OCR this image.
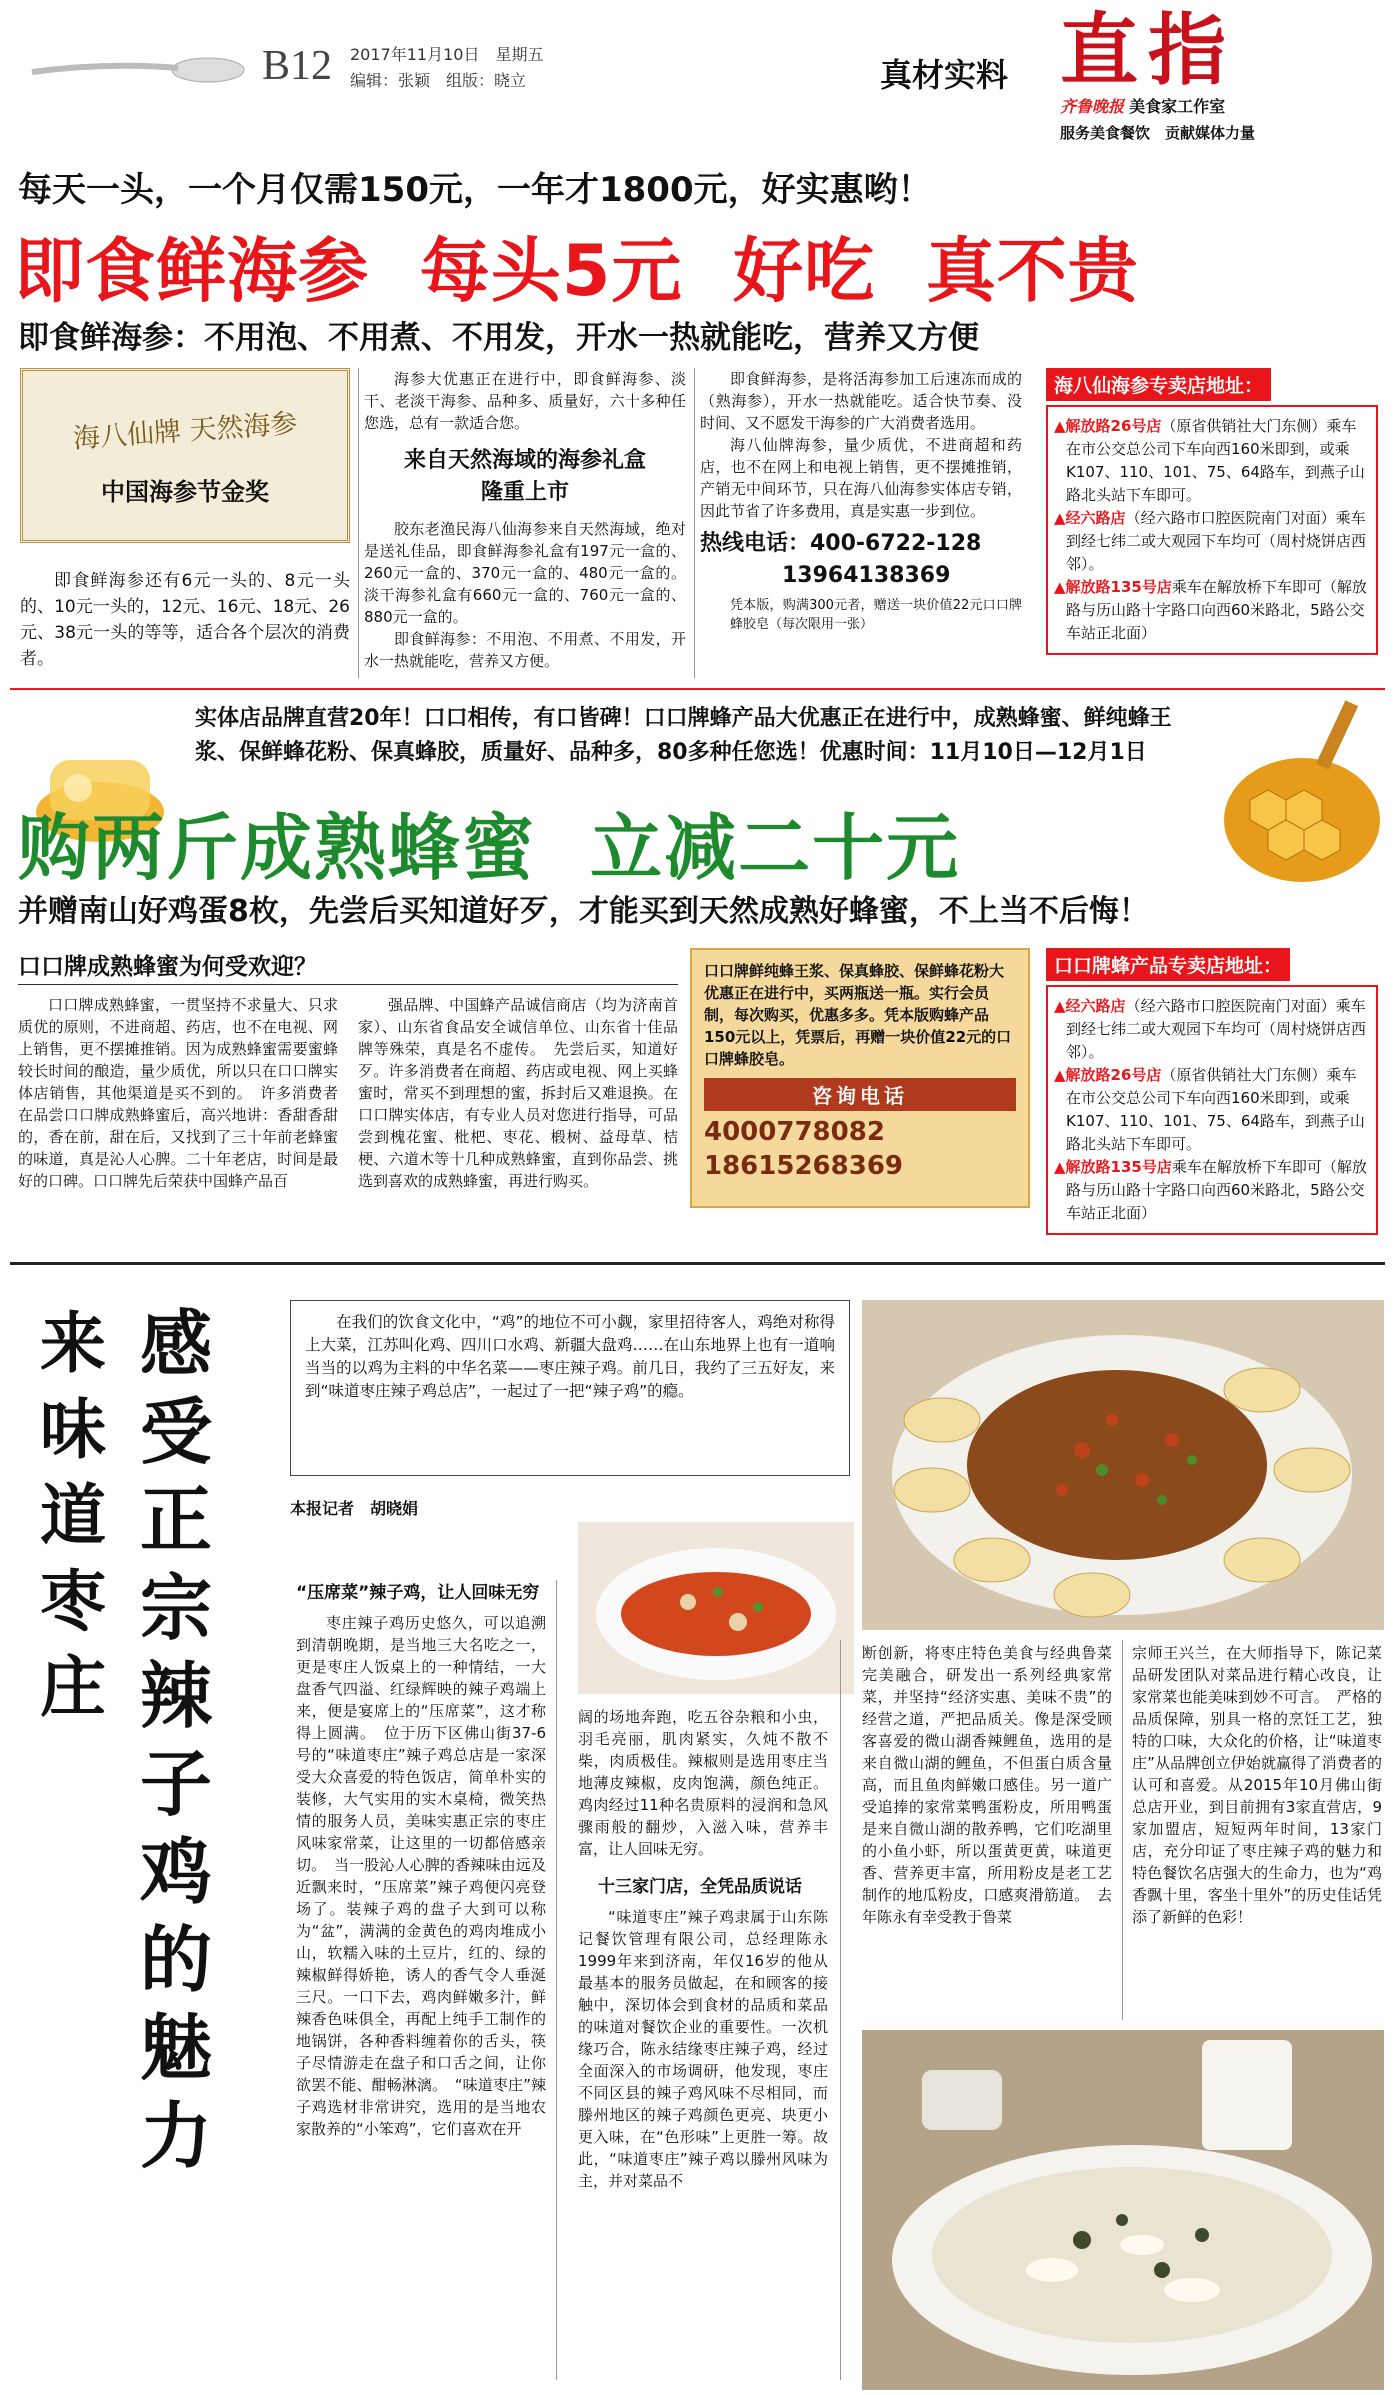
B12 2017年11月10日　星期五
编辑：张颖　组版：晓立	真材实料 直指
齐鲁晚报 美食家工作室
服务美食餐饮　贡献媒体力量
每天一头，一个月仅需150元，一年才1800元，好实惠哟！
即食鲜海参  每头5元  好吃  真不贵
即食鲜海参：不用泡、不用煮、不用发，开水一热就能吃，营养又方便
海八仙牌 天然海参
中国海参节金奖

即食鲜海参还有6元一头的、8元一头的、10元一头的，12元、16元、18元、26元、38元一头的等等，适合各个层次的消费者。

海参大优惠正在进行中，即食鲜海参、淡干、老淡干海参、品种多、质量好，六十多种任您选，总有一款适合您。

来自天然海域的海参礼盒隆重上市

胶东老渔民海八仙海参来自天然海域，绝对是送礼佳品，即食鲜海参礼盒有197元一盒的、260元一盒的、370元一盒的、480元一盒的。淡干海参礼盒有660元一盒的、760元一盒的、880元一盒的。

即食鲜海参：不用泡、不用煮、不用发，开水一热就能吃，营养又方便。

即食鲜海参，是将活海参加工后速冻而成的（熟海参），开水一热就能吃。适合快节奏、没时间、又不愿发干海参的广大消费者选用。

海八仙牌海参，量少质优，不进商超和药店，也不在网上和电视上销售，更不摆摊推销，产销无中间环节，只在海八仙海参实体店专销，因此节省了许多费用，真是实惠一步到位。

热线电话：400-6722-128
13964138369
凭本版，购满300元者，赠送一块价值22元口口牌蜂胶皂（每次限用一张）
海八仙海参专卖店地址：

▲解放路26号店（原省供销社大门东侧）乘车在市公交总公司下车向西160米即到，或乘K107、110、101、75、64路车，到燕子山路北头站下车即可。

▲经六路店（经六路市口腔医院南门对面）乘车到经七纬二或大观园下车均可（周村烧饼店西邻）。

▲解放路135号店乘车在解放桥下车即可（解放路与历山路十字路口向西60米路北，5路公交车站正北面）

实体店品牌直营20年！口口相传，有口皆碑！口口牌蜂产品大优惠正在进行中，成熟蜂蜜、鲜纯蜂王浆、保鲜蜂花粉、保真蜂胶，质量好、品种多，80多种任您选！优惠时间：11月10日—12月1日
购两斤成熟蜂蜜  立减二十元
并赠南山好鸡蛋8枚，先尝后买知道好歹，才能买到天然成熟好蜂蜜，不上当不后悔！
口口牌成熟蜂蜜为何受欢迎？

口口牌成熟蜂蜜，一贯坚持不求量大、只求质优的原则，不进商超、药店，也不在电视、网上销售，更不摆摊推销。因为成熟蜂蜜需要蜜蜂较长时间的酿造，量少质优，所以只在口口牌实体店销售，其他渠道是买不到的。　许多消费者在品尝口口牌成熟蜂蜜后，高兴地讲：香甜香甜的，香在前，甜在后，又找到了三十年前老蜂蜜的味道，真是沁人心脾。二十年老店，时间是最好的口碑。口口牌先后荣获中国蜂产品百

强品牌、中国蜂产品诚信商店（均为济南首家）、山东省食品安全诚信单位、山东省十佳品牌等殊荣，真是名不虚传。　先尝后买，知道好歹。许多消费者在商超、药店或电视、网上买蜂蜜时，常买不到理想的蜜，拆封后又难退换。在口口牌实体店，有专业人员对您进行指导，可品尝到槐花蜜、枇杷、枣花、椴树、益母草、桔梗、六道木等十几种成熟蜂蜜，直到你品尝、挑选到喜欢的成熟蜂蜜，再进行购买。

口口牌鲜纯蜂王浆、保真蜂胶、保鲜蜂花粉大优惠正在进行中，买两瓶送一瓶。实行会员制，每次购买，优惠多多。凭本版购蜂产品150元以上，凭票后，再赠一块价值22元的口口牌蜂胶皂。
咨询电话
4000778082
18615268369
口口牌蜂产品专卖店地址：

▲经六路店（经六路市口腔医院南门对面）乘车到经七纬二或大观园下车均可（周村烧饼店西邻）。

▲解放路26号店（原省供销社大门东侧）乘车在市公交总公司下车向西160米即到，或乘K107、110、101、75、64路车，到燕子山路北头站下车即可。

▲解放路135号店乘车在解放桥下车即可（解放路与历山路十字路口向西60米路北，5路公交车站正北面）

来味道枣庄
感受正宗辣子鸡的魅力
在我们的饮食文化中，“鸡”的地位不可小觑，家里招待客人，鸡绝对称得上大菜，江苏叫化鸡、四川口水鸡、新疆大盘鸡……在山东地界上也有一道响当当的以鸡为主料的中华名菜——枣庄辣子鸡。前几日，我约了三五好友，来到“味道枣庄辣子鸡总店”，一起过了一把“辣子鸡”的瘾。
本报记者　胡晓娟
“压席菜”辣子鸡，让人回味无穷

枣庄辣子鸡历史悠久，可以追溯到清朝晚期，是当地三大名吃之一，更是枣庄人饭桌上的一种情结，一大盘香气四溢、红绿辉映的辣子鸡端上来，便是宴席上的“压席菜”，这才称得上圆满。　位于历下区佛山街37-6号的“味道枣庄”辣子鸡总店是一家深受大众喜爱的特色饭店，简单朴实的装修，大气实用的实木桌椅，微笑热情的服务人员，美味实惠正宗的枣庄风味家常菜，让这里的一切都倍感亲切。　当一股沁人心脾的香辣味由远及近飘来时，“压席菜”辣子鸡便闪亮登场了。装辣子鸡的盘子大到可以称为“盆”，满满的金黄色的鸡肉堆成小山，软糯入味的土豆片，红的、绿的辣椒鲜得娇艳，诱人的香气令人垂涎三尺。一口下去，鸡肉鲜嫩多汁，鲜辣香色味俱全，再配上纯手工制作的地锅饼，各种香料缠着你的舌头，筷子尽情游走在盘子和口舌之间，让你欲罢不能、酣畅淋漓。　“味道枣庄”辣子鸡选材非常讲究，选用的是当地农家散养的“小笨鸡”，它们喜欢在开

阔的场地奔跑，吃五谷杂粮和小虫，羽毛亮丽，肌肉紧实，久炖不散不柴，肉质极佳。辣椒则是选用枣庄当地薄皮辣椒，皮肉饱满，颜色纯正。鸡肉经过11种名贵原料的浸润和急风骤雨般的翻炒，入滋入味，营养丰富，让人回味无穷。

十三家门店，全凭品质说话

“味道枣庄”辣子鸡隶属于山东陈记餐饮管理有限公司，总经理陈永1999年来到济南，年仅16岁的他从最基本的服务员做起，在和顾客的接触中，深切体会到食材的品质和菜品的味道对餐饮企业的重要性。一次机缘巧合，陈永结缘枣庄辣子鸡，经过全面深入的市场调研，他发现，枣庄不同区县的辣子鸡风味不尽相同，而滕州地区的辣子鸡颜色更亮、块更小更入味，在“色形味”上更胜一筹。故此，“味道枣庄”辣子鸡以滕州风味为主，并对菜品不

断创新，将枣庄特色美食与经典鲁菜完美融合，研发出一系列经典家常菜，并坚持“经济实惠、美味不贵”的经营之道，严把品质关。像是深受顾客喜爱的微山湖香辣鲤鱼，选用的是来自微山湖的鲤鱼，不但蛋白质含量高，而且鱼肉鲜嫩口感佳。另一道广受追捧的家常菜鸭蛋粉皮，所用鸭蛋是来自微山湖的散养鸭，它们吃湖里的小鱼小虾，所以蛋黄更黄，味道更香、营养更丰富，所用粉皮是老工艺制作的地瓜粉皮，口感爽滑筋道。　去年陈永有幸受教于鲁菜

宗师王兴兰，在大师指导下，陈记菜品研发团队对菜品进行精心改良，让家常菜也能美味到妙不可言。　严格的品质保障，别具一格的烹饪工艺，独特的口味，大众化的价格，让“味道枣庄”从品牌创立伊始就赢得了消费者的认可和喜爱。从2015年10月佛山街总店开业，到目前拥有3家直营店，9家加盟店，短短两年时间，13家门店，充分印证了枣庄辣子鸡的魅力和特色餐饮名店强大的生命力，也为“鸡香飘十里，客坐十里外”的历史佳话凭添了新鲜的色彩！
